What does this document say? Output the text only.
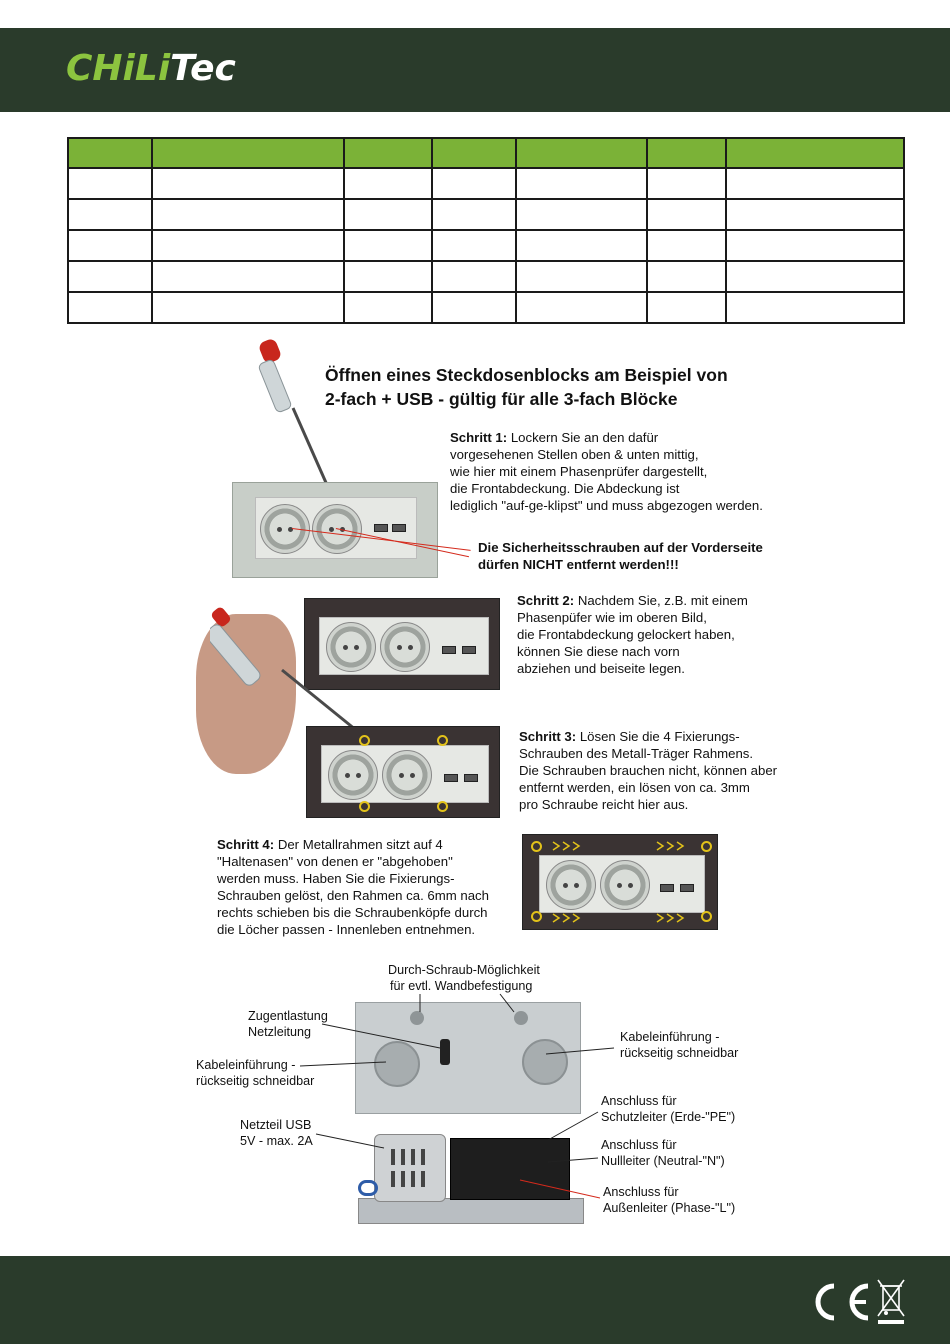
CHiLi Tec

Öffnen eines Steckdosenblocks am Beispiel von
2-fach + USB - gültig für alle 3-fach Blöcke
Schritt 1: Lockern Sie an den dafür
vorgesehenen Stellen oben & unten mittig,
wie hier mit einem Phasenprüfer dargestellt,
die Frontabdeckung. Die Abdeckung ist
lediglich "auf-ge-klipst" und muss abgezogen werden.
Die Sicherheitsschrauben auf der Vorderseite
dürfen NICHT entfernt werden!!!
Schritt 2: Nachdem Sie, z.B. mit einem
Phasenpüfer wie im oberen Bild,
die Frontabdeckung gelockert haben,
können Sie diese nach vorn
abziehen und beiseite legen.
Schritt 3: Lösen Sie die 4 Fixierungs-
Schrauben des Metall-Träger Rahmens.
Die Schrauben brauchen nicht, können aber
entfernt werden, ein lösen von ca. 3mm
pro Schraube reicht hier aus.
Schritt 4: Der Metallrahmen sitzt auf 4
"Haltenasen" von denen er "abgehoben"
werden muss. Haben Sie die Fixierungs-
Schrauben gelöst, den Rahmen ca. 6mm nach
rechts schieben bis die Schraubenköpfe durch
die Löcher passen - Innenleben entnehmen.
Durch-Schraub-Möglichkeit
für evtl. Wandbefestigung
Zugentlastung
Netzleitung
Kabeleinführung -
rückseitig schneidbar
Kabeleinführung -
rückseitig schneidbar
Netzteil USB
5V - max. 2A
Anschluss für
Schutzleiter (Erde-"PE")
Anschluss für
Nullleiter (Neutral-"N")
Anschluss für
Außenleiter (Phase-"L")
